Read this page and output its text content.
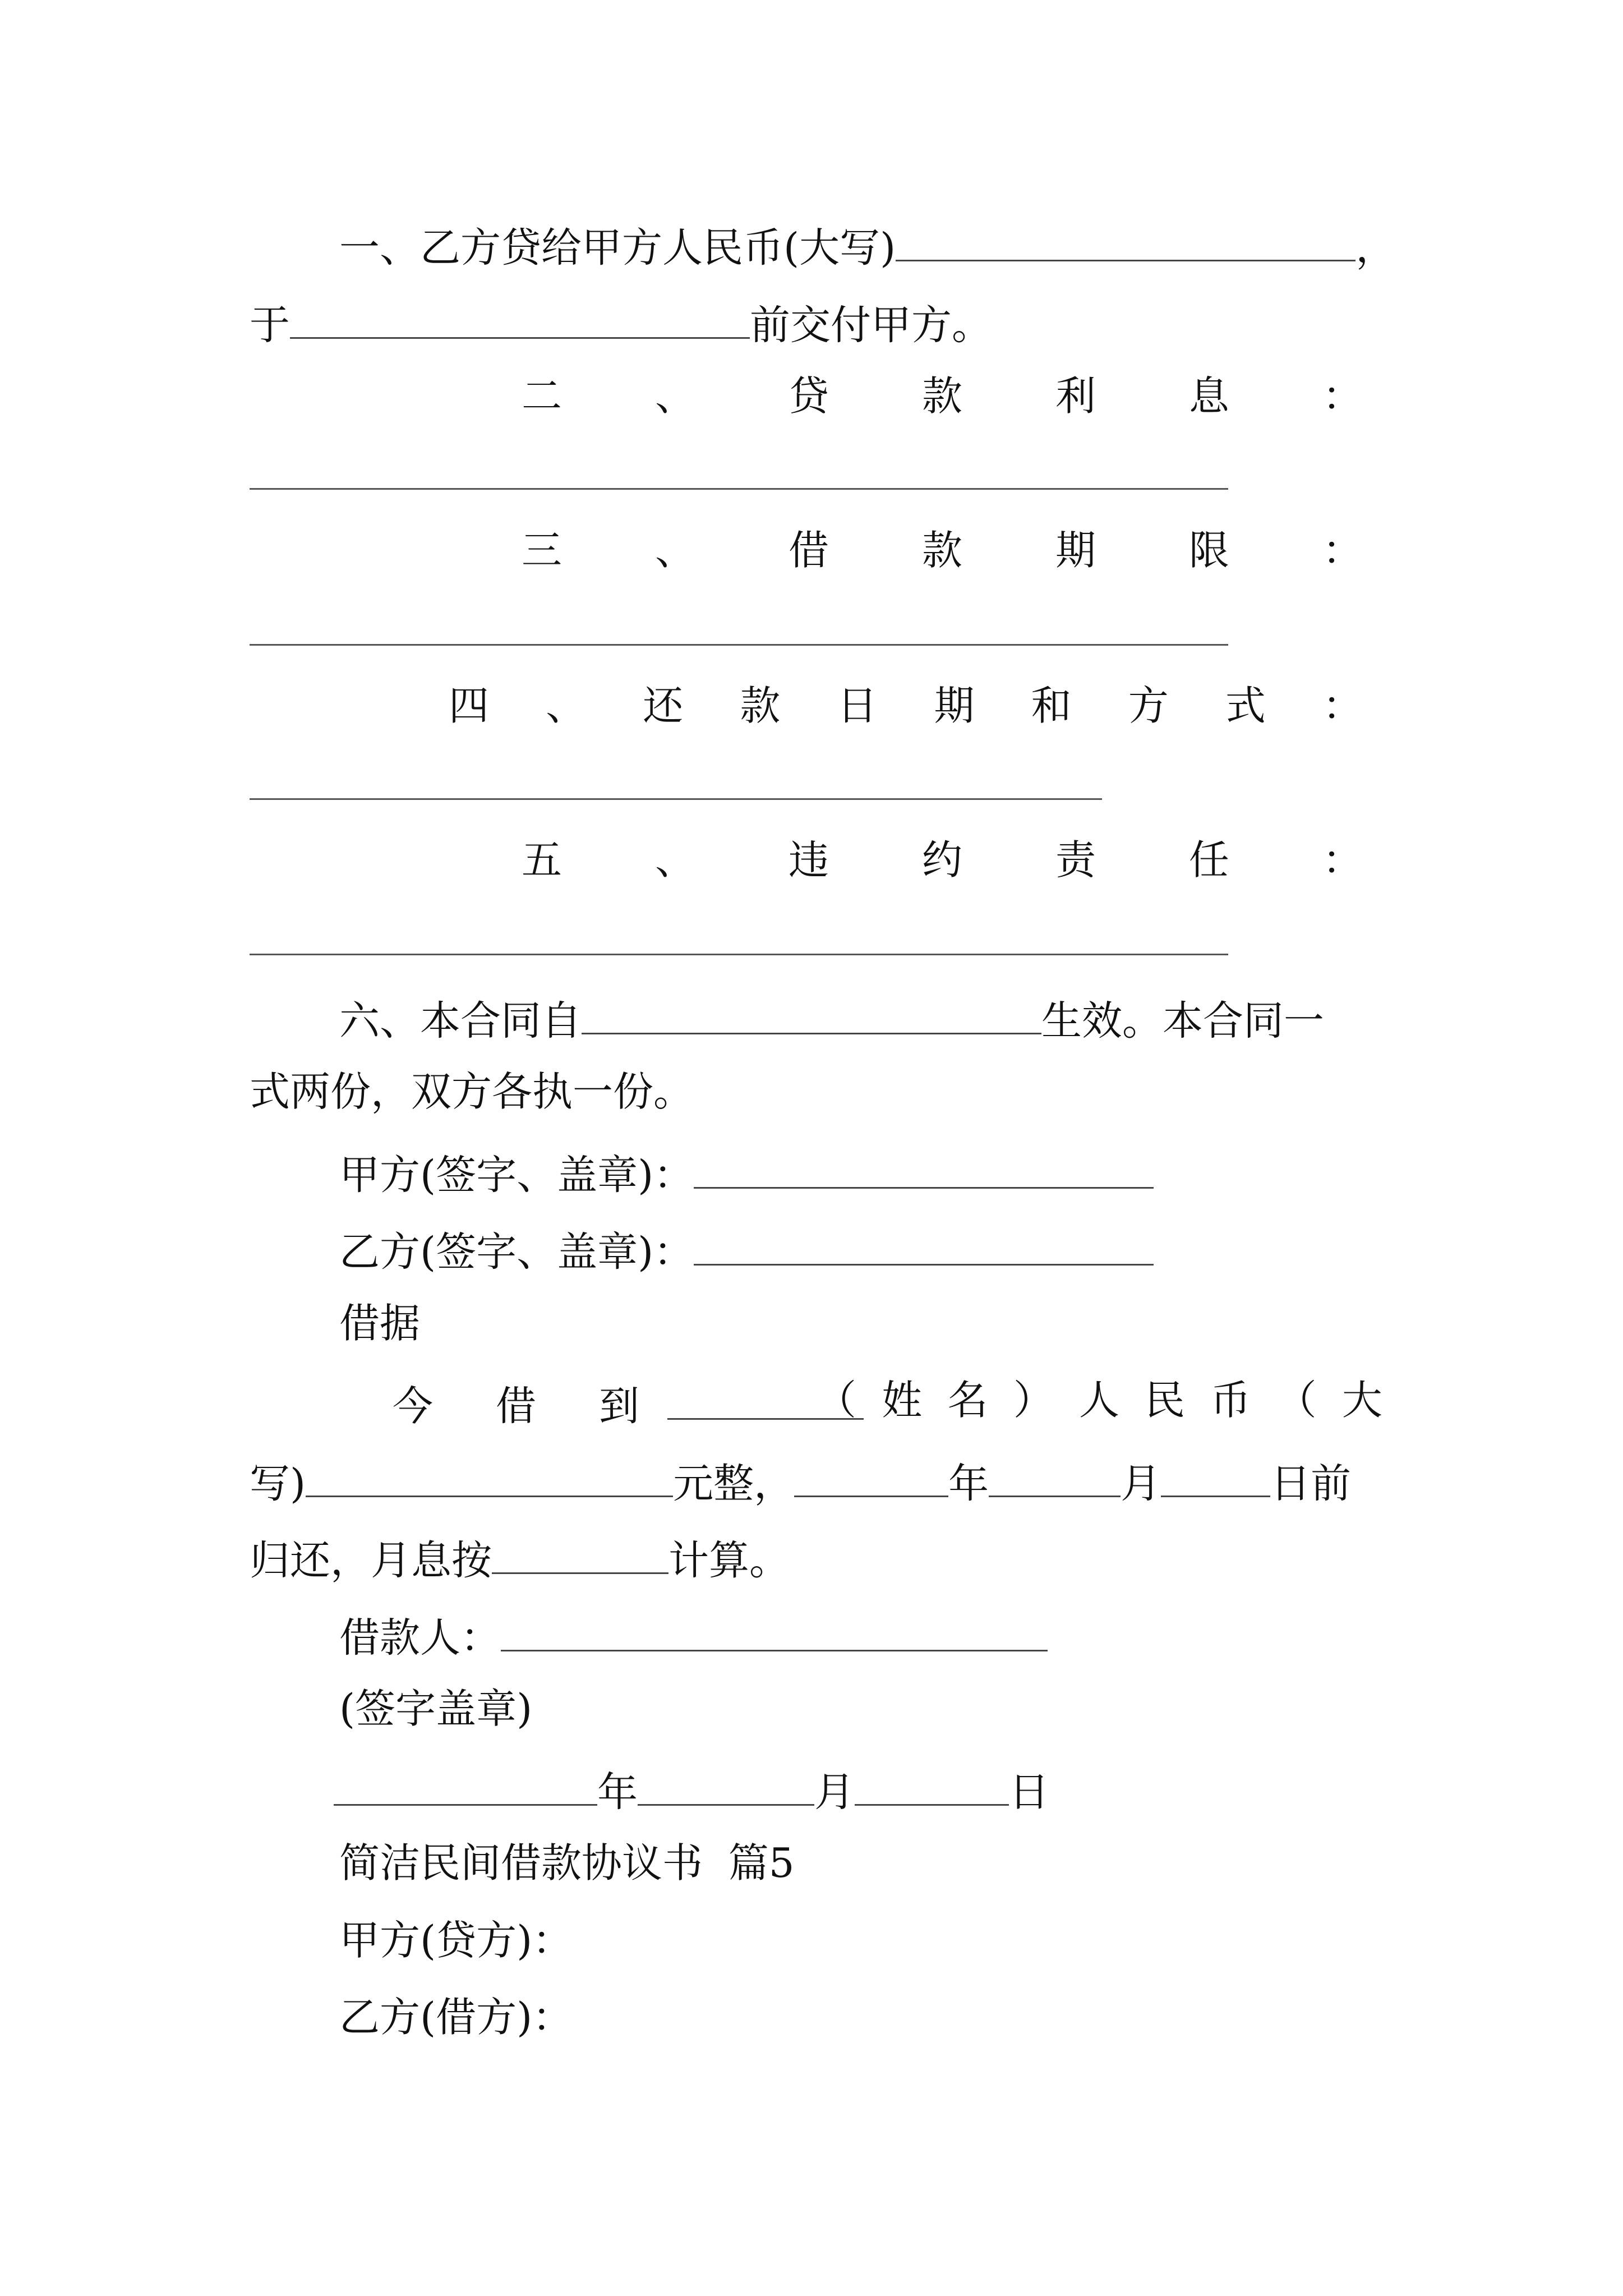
一、乙方贷给甲方人民币(大写)	，
于	前交付甲方。
二 、 贷 款 利 息 ：
三 、 借 款 期 限 ：
四 、 还 款 日 期 和 方 式 ：
五 、 违 约 责 任 ：
六、本合同自	生效。本合同一
式两份，双方各执一份。
甲方(签字、盖章)：
乙方(签字、盖章)：
借据
今　借　到	（ 姓 名 ） 人 民 币 （ 大
写)	元整，	年	月	日前
归还，月息按	计算。
借款人：
(签字盖章)
年	月	日
简洁民间借款协议书  篇5
甲方(贷方)：
乙方(借方)：
